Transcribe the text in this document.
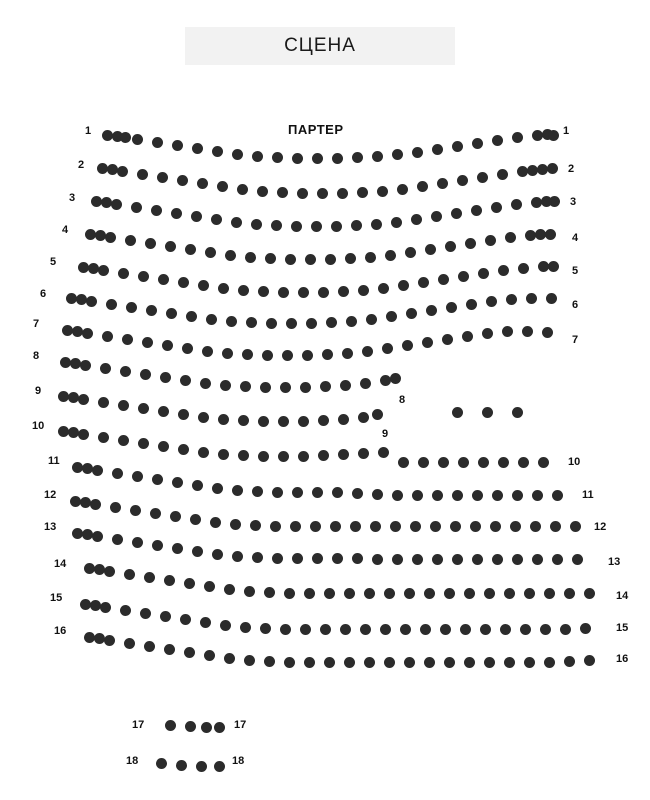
СЦЕНА
ПАРТЕР
1	1
2	2
3	3
4
4
5
5
6
6
7
7
8
8
9
9
10
10
11
11
12
12
13
13
14
14
15
15
16
16
17	17
18	18
